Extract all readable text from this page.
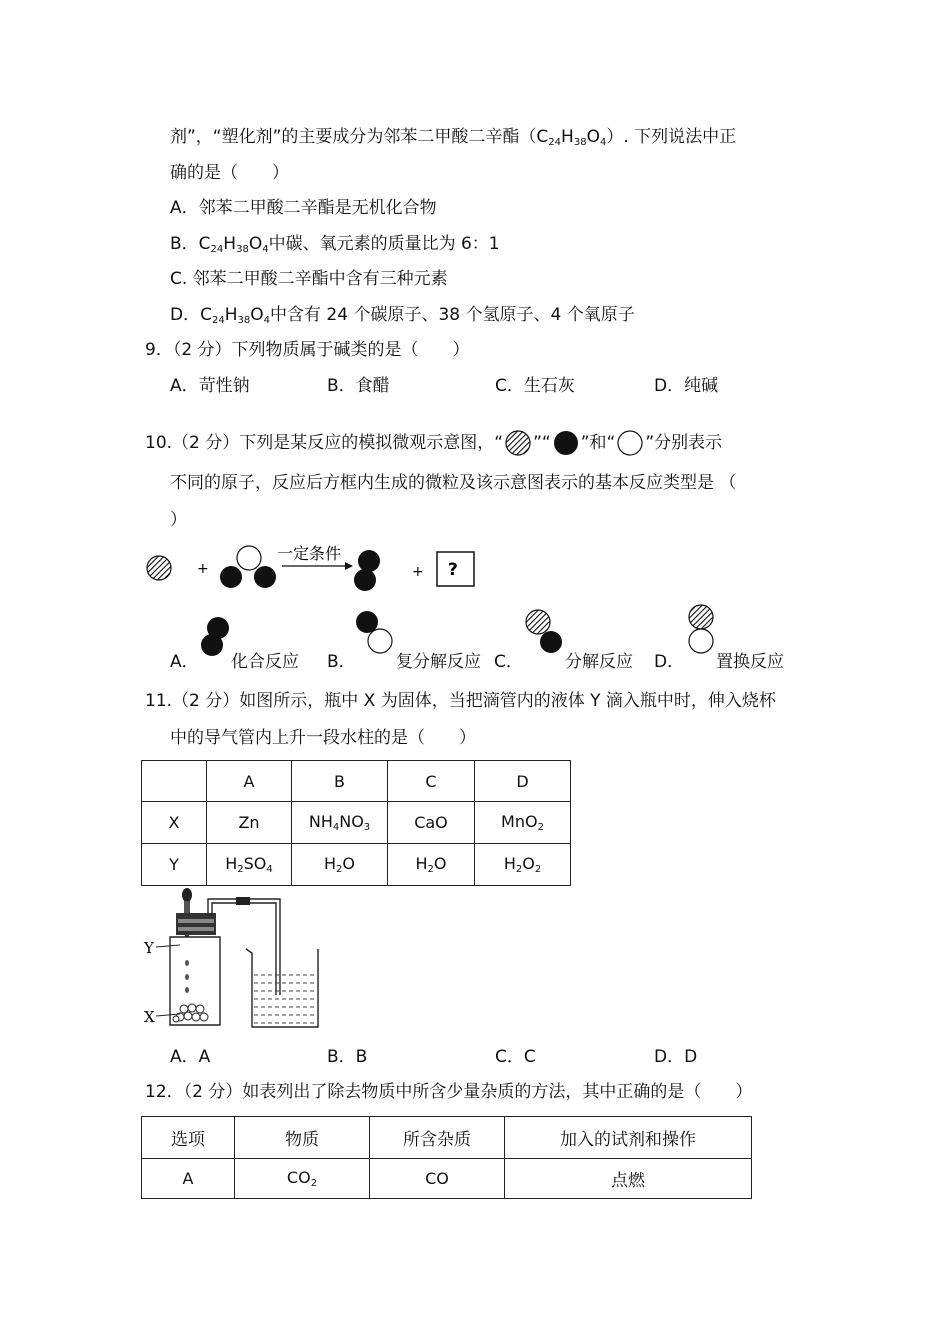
剂”，“塑化剂”的主要成分为邻苯二甲酸二辛酯$(C_{24}H_{38}O_4)$. 下列说法中正
确的是（　　）
A．邻苯二甲酸二辛酯是无机化合物
B．$C_{24}H_{38}O_4$中碳、氧元素的质量比为 6：1
C. 邻苯二甲酸二辛酯中含有三种元素
D．$C_{24}H_{38}O_4$中含有 24 个碳原子、38 个氢原子、4 个氧原子
9．（2 分）下列物质属于碱类的是（　　）
A．苛性钠	B．食醋	C．生石灰	D．纯碱
10.（2 分）下列是某反应的模拟微观示意图，“ ”“ ”和“ ”分别表示
不同的原子，反应后方框内生成的微粒及该示意图表示的基本反应类型是 （
）
+
一定条件
+ ?
A． 化合反应 B． 复分解反应 C． 分解反应 D． 置换反应
11.（2 分）如图所示，瓶中 X 为固体，当把滴管内的液体 Y 滴入瓶中时，伸入烧杯
中的导气管内上升一段水柱的是（　　）
	A	B	C	D
X	Zn	$NH_4NO_3$	CaO	MnO$_2$
Y	$H_2SO_4$	$H_2O$	$H_2O$	$H_2O_2$
Y
X
A．A	B．B	C．C	D．D
12．（2 分）如表列出了除去物质中所含少量杂质的方法，其中正确的是（　　）
选项	物质	所含杂质	加入的试剂和操作
A	$CO_2$	CO	点燃
